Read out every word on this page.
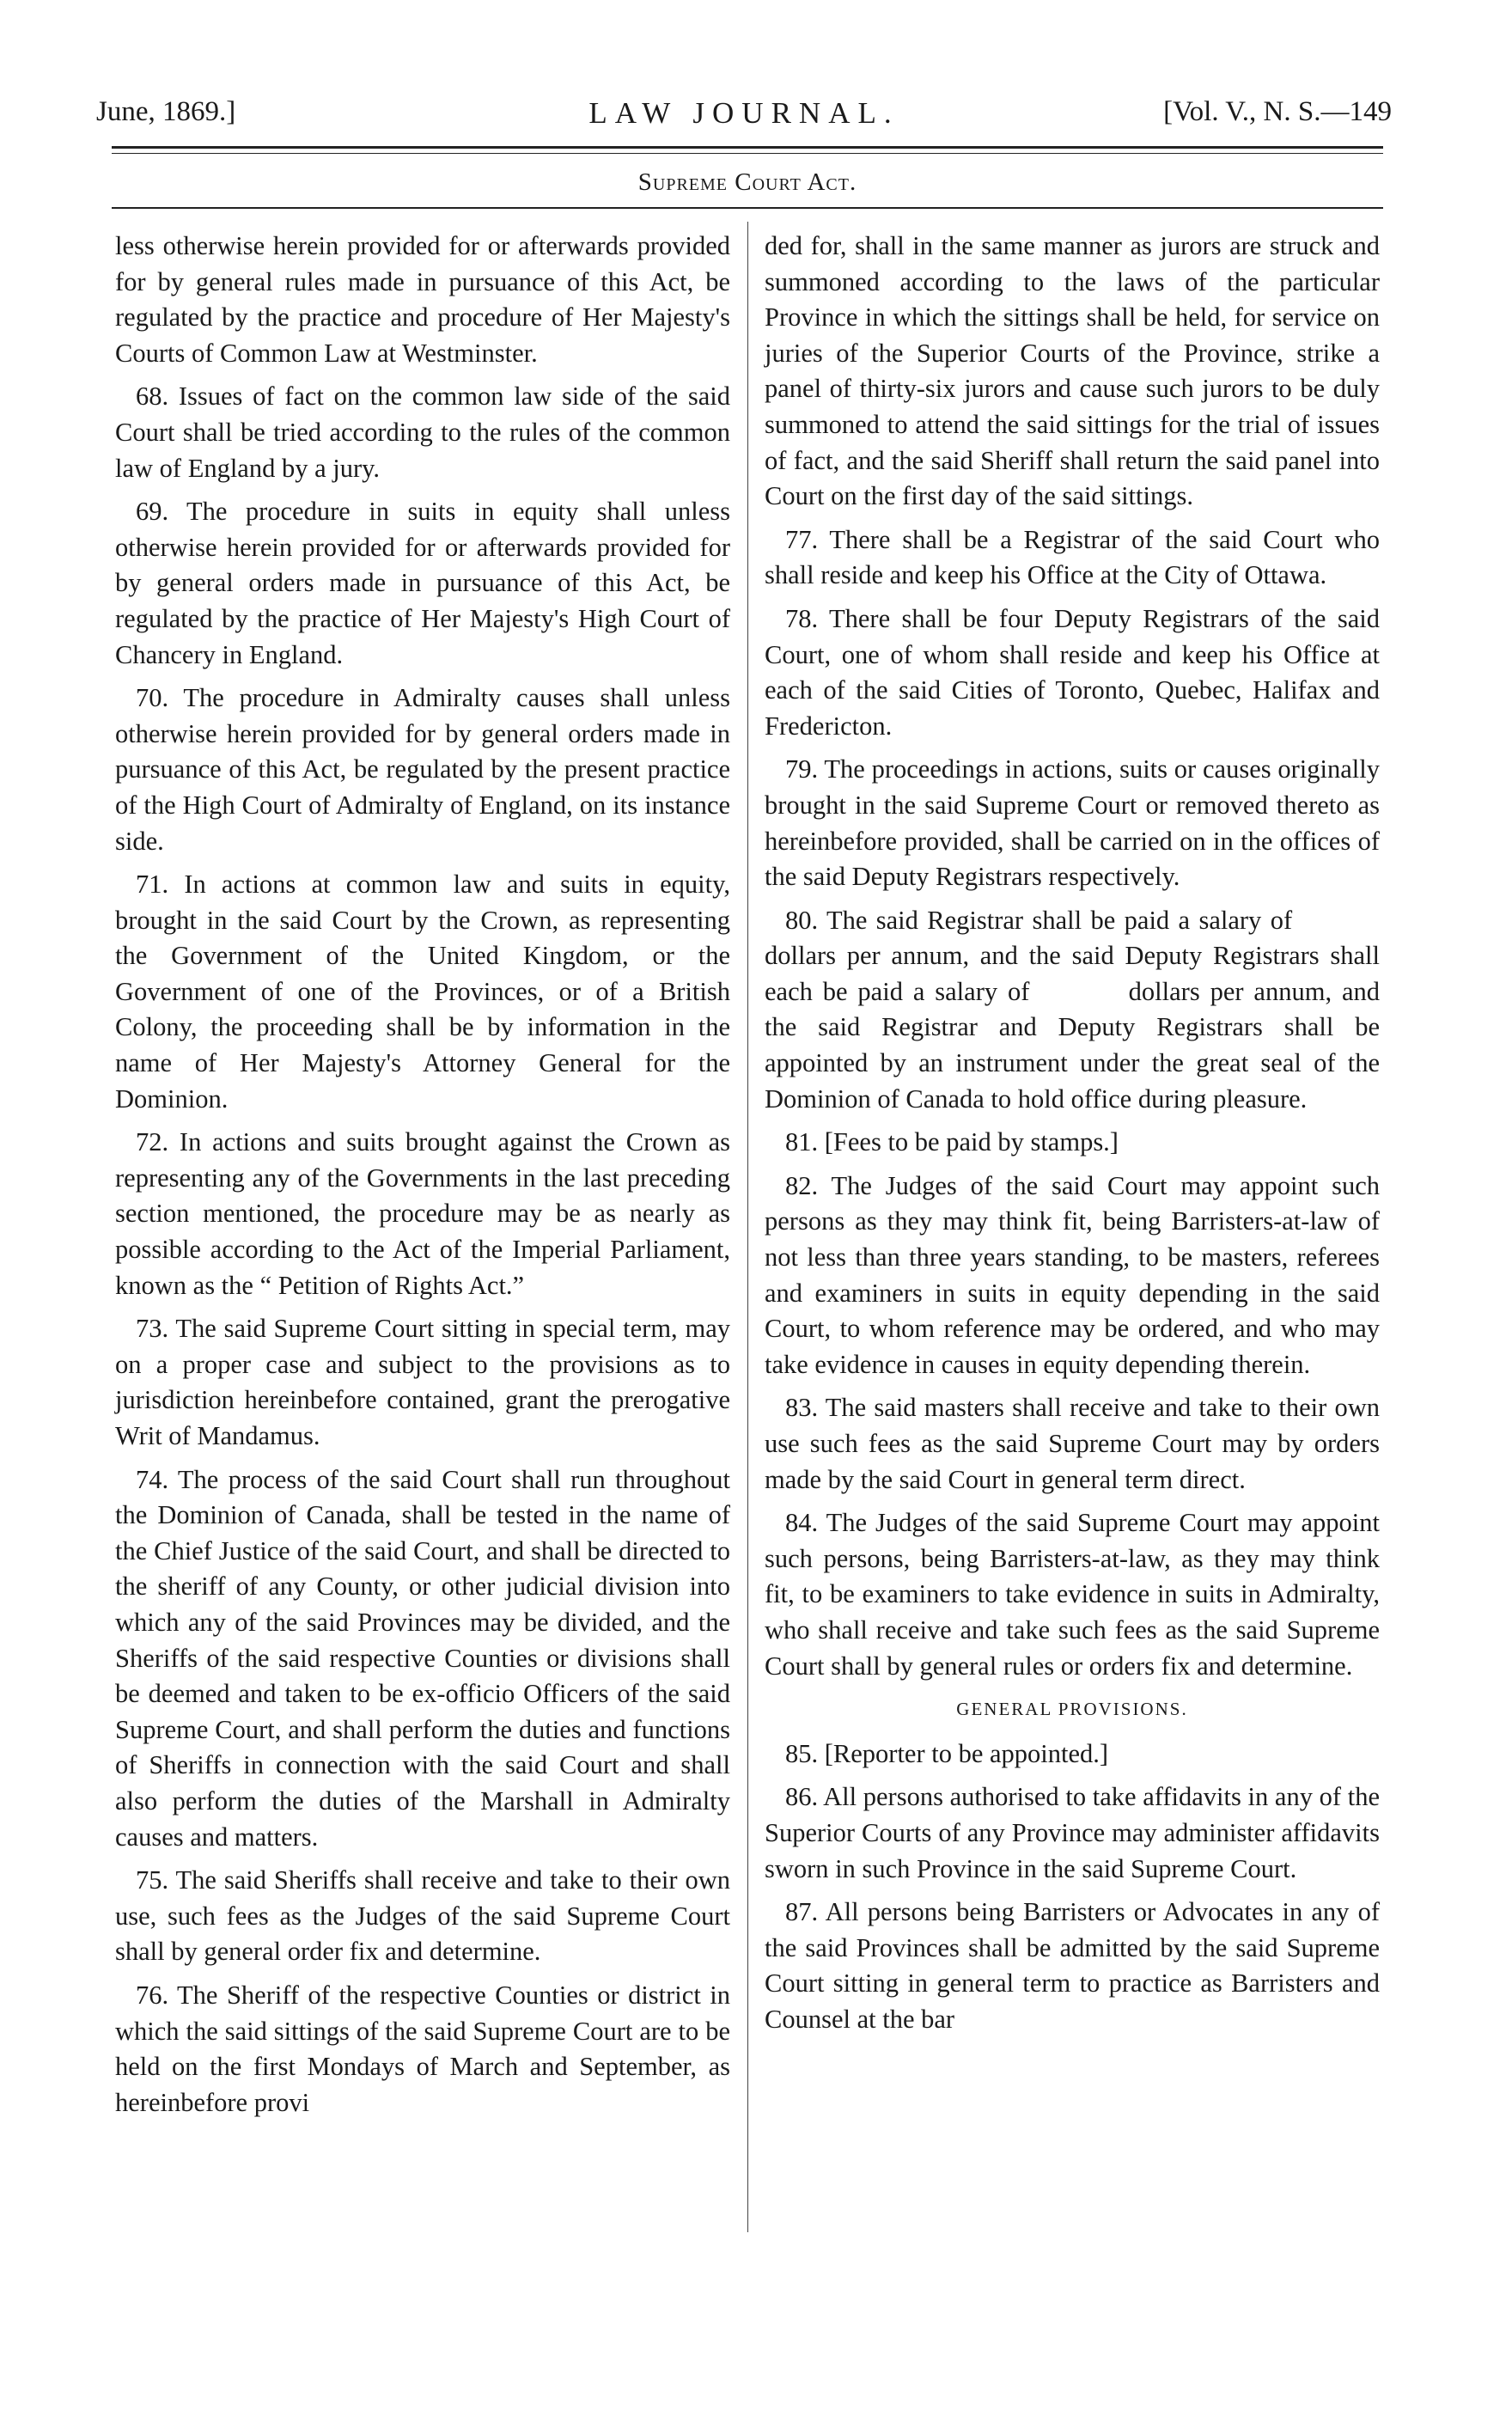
June, 1869.]	LAW JOURNAL.	[Vol. V., N. S.—149
Supreme Court Act.

less otherwise herein provided for or afterwards provided for by general rules made in pursuance of this Act, be regulated by the practice and procedure of Her Majesty's Courts of Common Law at Westminster.

68. Issues of fact on the common law side of the said Court shall be tried according to the rules of the common law of England by a jury.

69. The procedure in suits in equity shall unless otherwise herein provided for or afterwards provided for by general orders made in pursuance of this Act, be regulated by the practice of Her Majesty's High Court of Chancery in England.

70. The procedure in Admiralty causes shall unless otherwise herein provided for by general orders made in pursuance of this Act, be regulated by the present practice of the High Court of Admiralty of England, on its instance side.

71. In actions at common law and suits in equity, brought in the said Court by the Crown, as representing the Government of the United Kingdom, or the Government of one of the Provinces, or of a British Colony, the proceeding shall be by information in the name of Her Majesty's Attorney General for the Dominion.

72. In actions and suits brought against the Crown as representing any of the Governments in the last preceding section mentioned, the procedure may be as nearly as possible according to the Act of the Imperial Parliament, known as the “ Petition of Rights Act.”

73. The said Supreme Court sitting in special term, may on a proper case and subject to the provisions as to jurisdiction hereinbefore contained, grant the prerogative Writ of Mandamus.

74. The process of the said Court shall run throughout the Dominion of Canada, shall be tested in the name of the Chief Justice of the said Court, and shall be directed to the sheriff of any County, or other judicial division into which any of the said Provinces may be divided, and the Sheriffs of the said respective Counties or divisions shall be deemed and taken to be ex-officio Officers of the said Supreme Court, and shall perform the duties and functions of Sheriffs in connection with the said Court and shall also perform the duties of the Marshall in Admiralty causes and matters.

75. The said Sheriffs shall receive and take to their own use, such fees as the Judges of the said Supreme Court shall by general order fix and determine.

76. The Sheriff of the respective Counties or district in which the said sittings of the said Supreme Court are to be held on the first Mondays of March and September, as hereinbefore provi

ded for, shall in the same manner as jurors are struck and summoned according to the laws of the particular Province in which the sittings shall be held, for service on juries of the Superior Courts of the Province, strike a panel of thirty-six jurors and cause such jurors to be duly summoned to attend the said sittings for the trial of issues of fact, and the said Sheriff shall return the said panel into Court on the first day of the said sittings.

77. There shall be a Registrar of the said Court who shall reside and keep his Office at the City of Ottawa.

78. There shall be four Deputy Registrars of the said Court, one of whom shall reside and keep his Office at each of the said Cities of Toronto, Quebec, Halifax and Fredericton.

79. The proceedings in actions, suits or causes originally brought in the said Supreme Court or removed thereto as hereinbefore provided, shall be carried on in the offices of the said Deputy Registrars respectively.

80. The said Registrar shall be paid a salary of     dollars per annum, and the said Deputy Registrars shall each be paid a salary of     dollars per annum, and the said Registrar and Deputy Registrars shall be appointed by an instrument under the great seal of the Dominion of Canada to hold office during pleasure.

81. [Fees to be paid by stamps.]

82. The Judges of the said Court may appoint such persons as they may think fit, being Barristers-at-law of not less than three years standing, to be masters, referees and examiners in suits in equity depending in the said Court, to whom reference may be ordered, and who may take evidence in causes in equity depending therein.

83. The said masters shall receive and take to their own use such fees as the said Supreme Court may by orders made by the said Court in general term direct.

84. The Judges of the said Supreme Court may appoint such persons, being Barristers-at-law, as they may think fit, to be examiners to take evidence in suits in Admiralty, who shall receive and take such fees as the said Supreme Court shall by general rules or orders fix and determine.

GENERAL PROVISIONS.

85. [Reporter to be appointed.]

86. All persons authorised to take affidavits in any of the Superior Courts of any Province may administer affidavits sworn in such Province in the said Supreme Court.

87. All persons being Barristers or Advocates in any of the said Provinces shall be admitted by the said Supreme Court sitting in general term to practice as Barristers and Counsel at the bar
